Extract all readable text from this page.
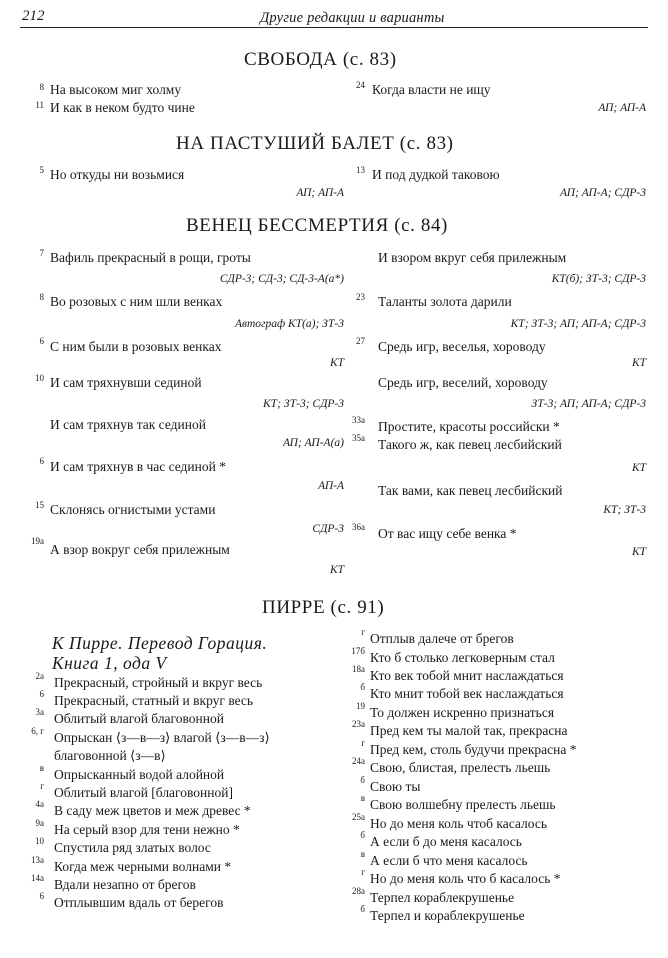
212	Другие редакции и варианты
СВОБОДА (с. 83)
8 На высоком миг холму
11 И как в неком будто чине
24 Когда власти не ищу
АП; АП-А
НА ПАСТУШИЙ БАЛЕТ (с. 83)
5 Но откуды ни возьмися
АП; АП-А
13 И под дудкой таковою
АП; АП-А; СДР-3
ВЕНЕЦ БЕССМЕРТИЯ (с. 84)
7 Вафиль прекрасный в рощи, гроты
СДР-3; СД-3; СД-3-А(а*)
8 Во розовых с ним шли венках
Автограф КТ(а); ЗТ-3
6 С ним были в розовых венках
КТ
10 И сам тряхнувши сединой
КТ; ЗТ-3; СДР-3
И сам тряхнув так сединой
АП; АП-А(а)
6 И сам тряхнув в час сединой *
АП-А
15 Склонясь огнистыми устами
СДР-3
19а
А взор вокруг себя прилежным
КТ
И взором вкруг себя прилежным
КТ(б); ЗТ-3; СДР-3
23 Таланты золота дарили
КТ; ЗТ-3; АП; АП-А; СДР-3
27 Средь игр, веселья, хороводу
КТ
Средь игр, веселий, хороводу
ЗТ-3; АП; АП-А; СДР-3
33а Простите, красоты российски *
35а Такого ж, как певец лесбийский
КТ
Так вами, как певец лесбийский
КТ; ЗТ-3
36а От вас ищу себе венка *
КТ
ПИРРЕ (с. 91)
К Пирре. Перевод Горация.
Книга 1, ода V
2а Прекрасный, стройный и вкруг весь
6 Прекрасный, статный и вкруг весь
3а Облитый влагой благовонной
6, г Опрыскан ⟨з—в—з⟩ влагой ⟨з—в—з⟩
благовонной ⟨з—в⟩
в Опрысканный водой алойной
г Облитый влагой [благовонной]
4а В саду меж цветов и меж древес *
9а На серый взор для тени нежно *
10 Спустила ряд златых волос
13а Когда меж черными волнами *
14а Вдали незапно от брегов
6 Отплывшим вдаль от берегов
г Отплыв далече от брегов
17б Кто б столько легковерным стал
18а Кто век тобой мнит наслаждаться
б Кто мнит тобой век наслаждаться
19 То должен искренно признаться
23а Пред кем ты малой так, прекрасна
г Пред кем, столь будучи прекрасна *
24а Свою, блистая, прелесть льешь
б Свою ты
в Свою волшебну прелесть льешь
25а Но до меня коль чтоб касалось
б А если б до меня касалось
в А если б что меня касалось
г Но до меня коль что б касалось *
28а Терпел кораблекрушенье
б Терпел и кораблекрушенье
